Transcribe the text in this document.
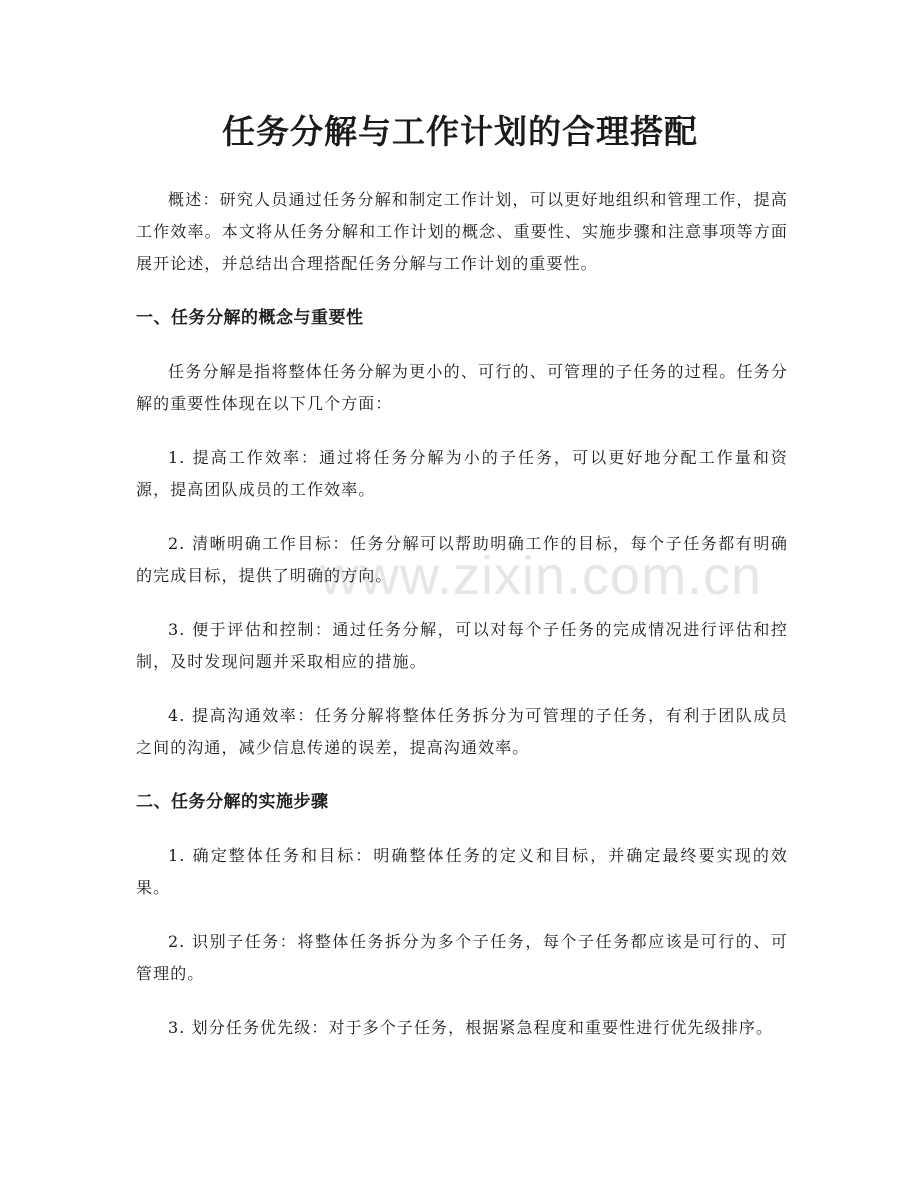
www.zixin.com.cn
任务分解与工作计划的合理搭配

概述：研究人员通过任务分解和制定工作计划，可以更好地组织和管理工作，提高工作效率。本文将从任务分解和工作计划的概念、重要性、实施步骤和注意事项等方面展开论述，并总结出合理搭配任务分解与工作计划的重要性。

一、任务分解的概念与重要性

任务分解是指将整体任务分解为更小的、可行的、可管理的子任务的过程。任务分解的重要性体现在以下几个方面：

1. 提高工作效率：通过将任务分解为小的子任务，可以更好地分配工作量和资源，提高团队成员的工作效率。

2. 清晰明确工作目标：任务分解可以帮助明确工作的目标，每个子任务都有明确的完成目标，提供了明确的方向。

3. 便于评估和控制：通过任务分解，可以对每个子任务的完成情况进行评估和控制，及时发现问题并采取相应的措施。

4. 提高沟通效率：任务分解将整体任务拆分为可管理的子任务，有利于团队成员之间的沟通，减少信息传递的误差，提高沟通效率。

二、任务分解的实施步骤

1. 确定整体任务和目标：明确整体任务的定义和目标，并确定最终要实现的效果。

2. 识别子任务：将整体任务拆分为多个子任务，每个子任务都应该是可行的、可管理的。

3. 划分任务优先级：对于多个子任务，根据紧急程度和重要性进行优先级排序。
